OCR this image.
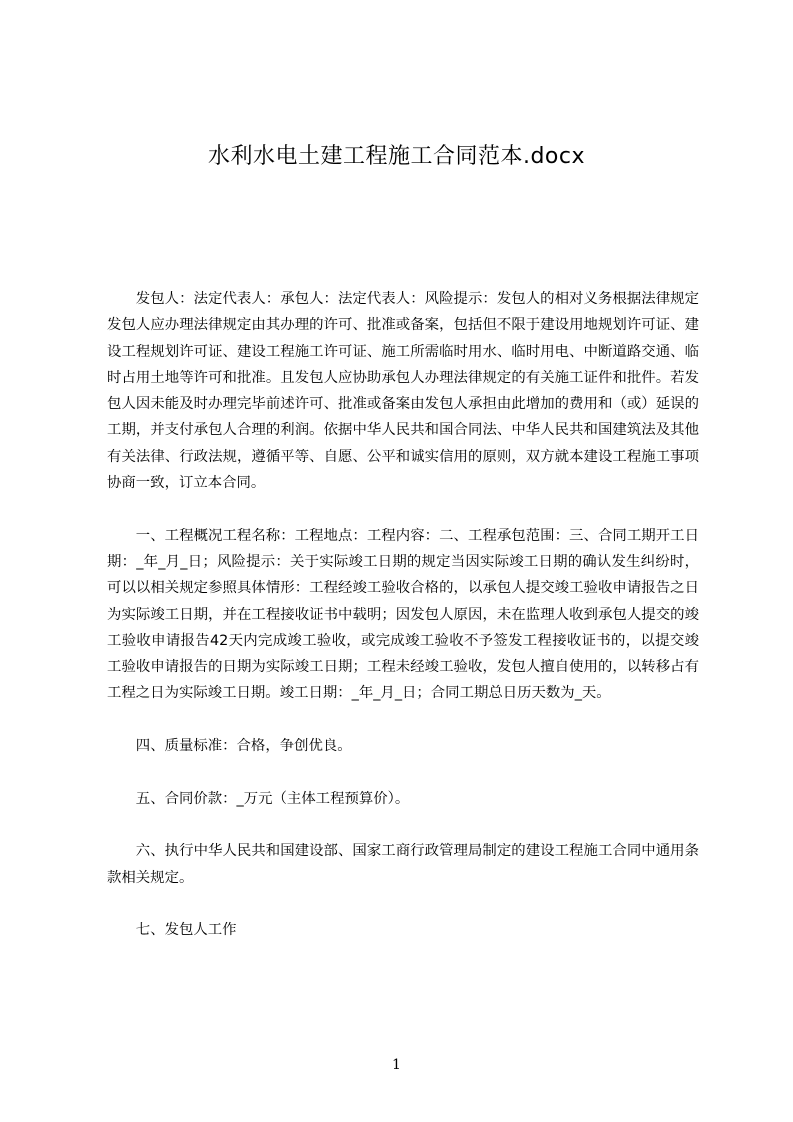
水利水电土建工程施工合同范本.docx

发包人：法定代表人：承包人：法定代表人：风险提示：发包人的相对义务根据法律规定发包人应办理法律规定由其办理的许可、批准或备案，包括但不限于建设用地规划许可证、建设工程规划许可证、建设工程施工许可证、施工所需临时用水、临时用电、中断道路交通、临时占用土地等许可和批准。且发包人应协助承包人办理法律规定的有关施工证件和批件。若发包人因未能及时办理完毕前述许可、批准或备案由发包人承担由此增加的费用和（或）延误的工期，并支付承包人合理的利润。依据中华人民共和国合同法、中华人民共和国建筑法及其他有关法律、行政法规，遵循平等、自愿、公平和诚实信用的原则，双方就本建设工程施工事项协商一致，订立本合同。

一、工程概况工程名称：工程地点：工程内容：二、工程承包范围：三、合同工期开工日期：_年_月_日；风险提示：关于实际竣工日期的规定当因实际竣工日期的确认发生纠纷时，可以以相关规定参照具体情形：工程经竣工验收合格的，以承包人提交竣工验收申请报告之日为实际竣工日期，并在工程接收证书中载明；因发包人原因，未在监理人收到承包人提交的竣工验收申请报告42天内完成竣工验收，或完成竣工验收不予签发工程接收证书的，以提交竣工验收申请报告的日期为实际竣工日期；工程未经竣工验收，发包人擅自使用的，以转移占有工程之日为实际竣工日期。竣工日期：_年_月_日；合同工期总日历天数为_天。

四、质量标准：合格，争创优良。

五、合同价款：_万元（主体工程预算价）。

六、执行中华人民共和国建设部、国家工商行政管理局制定的建设工程施工合同中通用条款相关规定。

七、发包人工作

1
